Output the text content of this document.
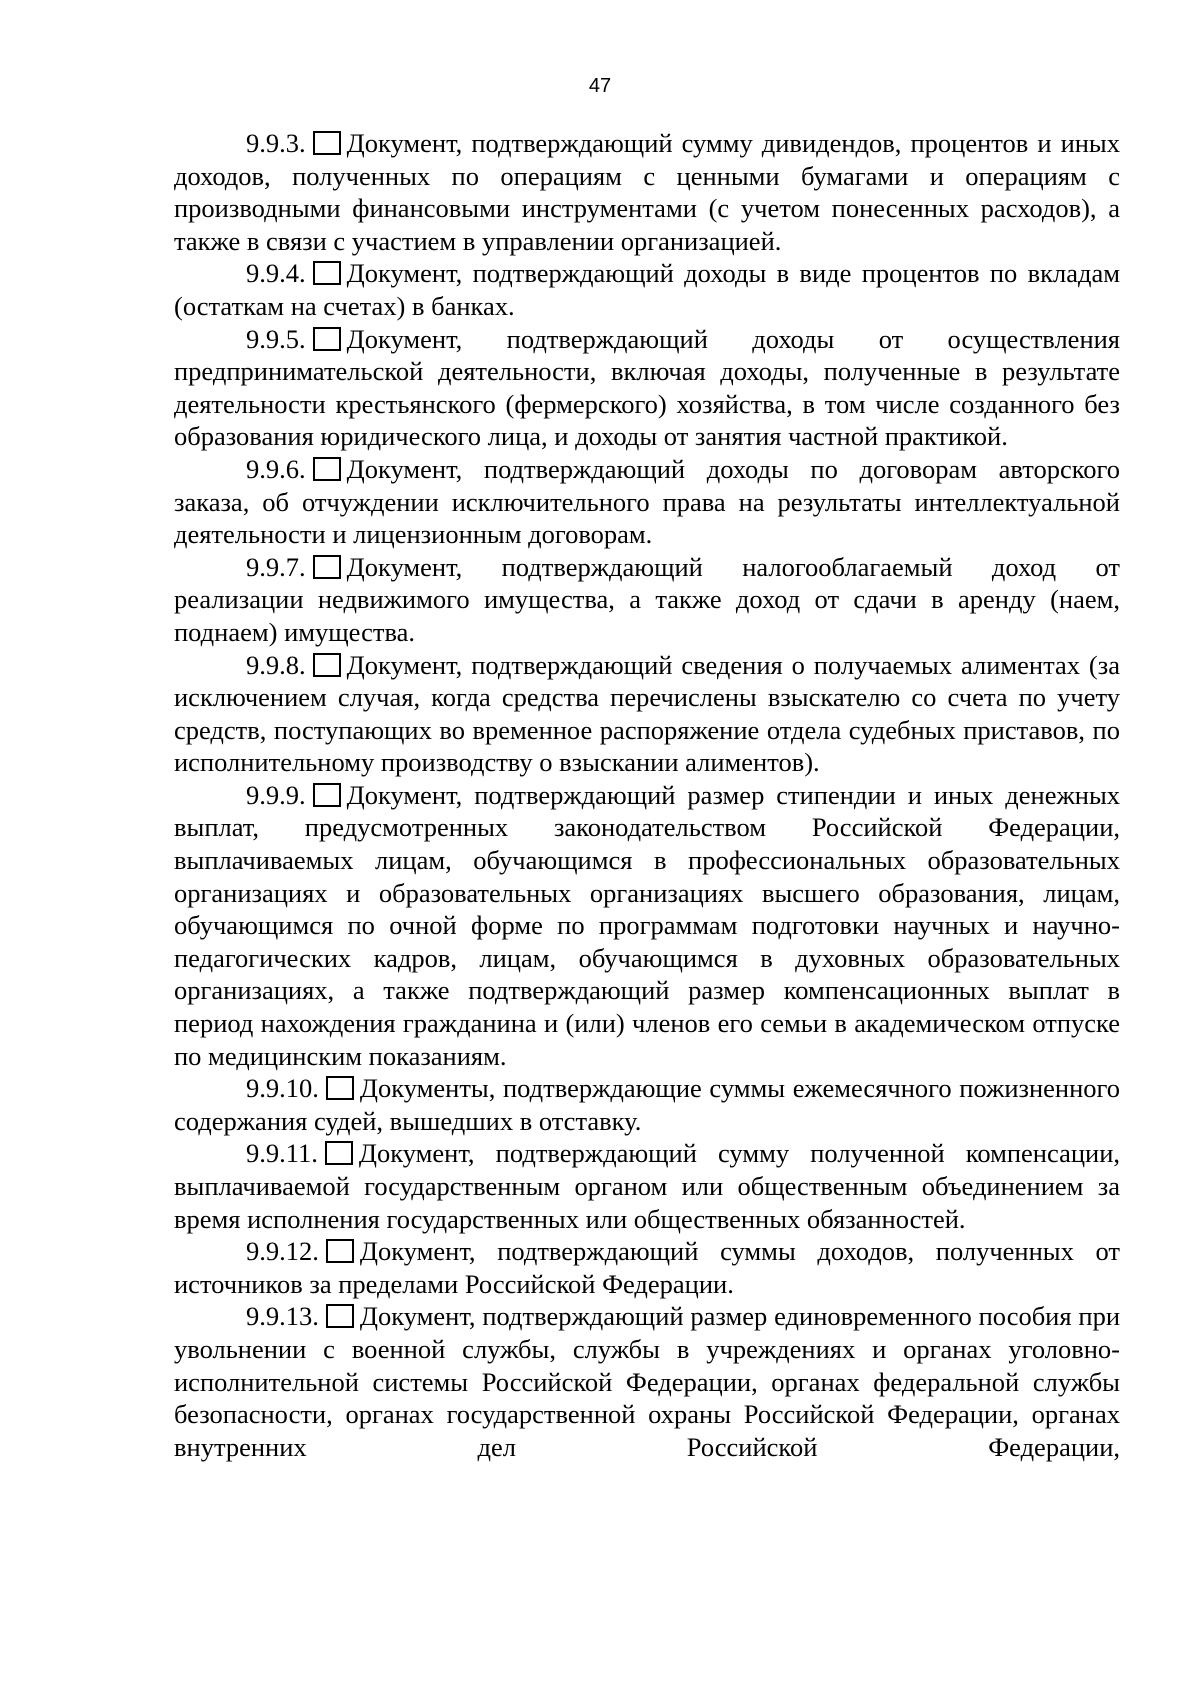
47

9.9.3. Документ, подтверждающий сумму дивидендов, процентов и иных доходов, полученных по операциям с ценными бумагами и операциям с производными финансовыми инструментами (с учетом понесенных расходов), а также в связи с участием в управлении организацией.

9.9.4. Документ, подтверждающий доходы в виде процентов по вкладам (остаткам на счетах) в банках.

9.9.5. Документ, подтверждающий доходы от осуществления предпринимательской деятельности, включая доходы, полученные в результате деятельности крестьянского (фермерского) хозяйства, в том числе созданного без образования юридического лица, и доходы от занятия частной практикой.

9.9.6. Документ, подтверждающий доходы по договорам авторского заказа, об отчуждении исключительного права на результаты интеллектуальной деятельности и лицензионным договорам.

9.9.7. Документ, подтверждающий налогооблагаемый доход от реализации недвижимого имущества, а также доход от сдачи в аренду (наем, поднаем) имущества.

9.9.8. Документ, подтверждающий сведения о получаемых алиментах (за исключением случая, когда средства перечислены взыскателю со счета по учету средств, поступающих во временное распоряжение отдела судебных приставов, по исполнительному производству о взыскании алиментов).

9.9.9. Документ, подтверждающий размер стипендии и иных денежных выплат, предусмотренных законодательством Российской Федерации, выплачиваемых лицам, обучающимся в профессиональных образовательных организациях и образовательных организациях высшего образования, лицам, обучающимся по очной форме по программам подготовки научных и научно-педагогических кадров, лицам, обучающимся в духовных образовательных организациях, а также подтверждающий размер компенсационных выплат в период нахождения гражданина и (или) членов его семьи в академическом отпуске по медицинским показаниям.

9.9.10. Документы, подтверждающие суммы ежемесячного пожизненного содержания судей, вышедших в отставку.

9.9.11. Документ, подтверждающий сумму полученной компенсации, выплачиваемой государственным органом или общественным объединением за время исполнения государственных или общественных обязанностей.

9.9.12. Документ, подтверждающий суммы доходов, полученных от источников за пределами Российской Федерации.

9.9.13. Документ, подтверждающий размер единовременного пособия при увольнении с военной службы, службы в учреждениях и органах уголовно-исполнительной системы Российской Федерации, органах федеральной службы безопасности, органах государственной охраны Российской Федерации, органах внутренних дел Российской Федерации,
